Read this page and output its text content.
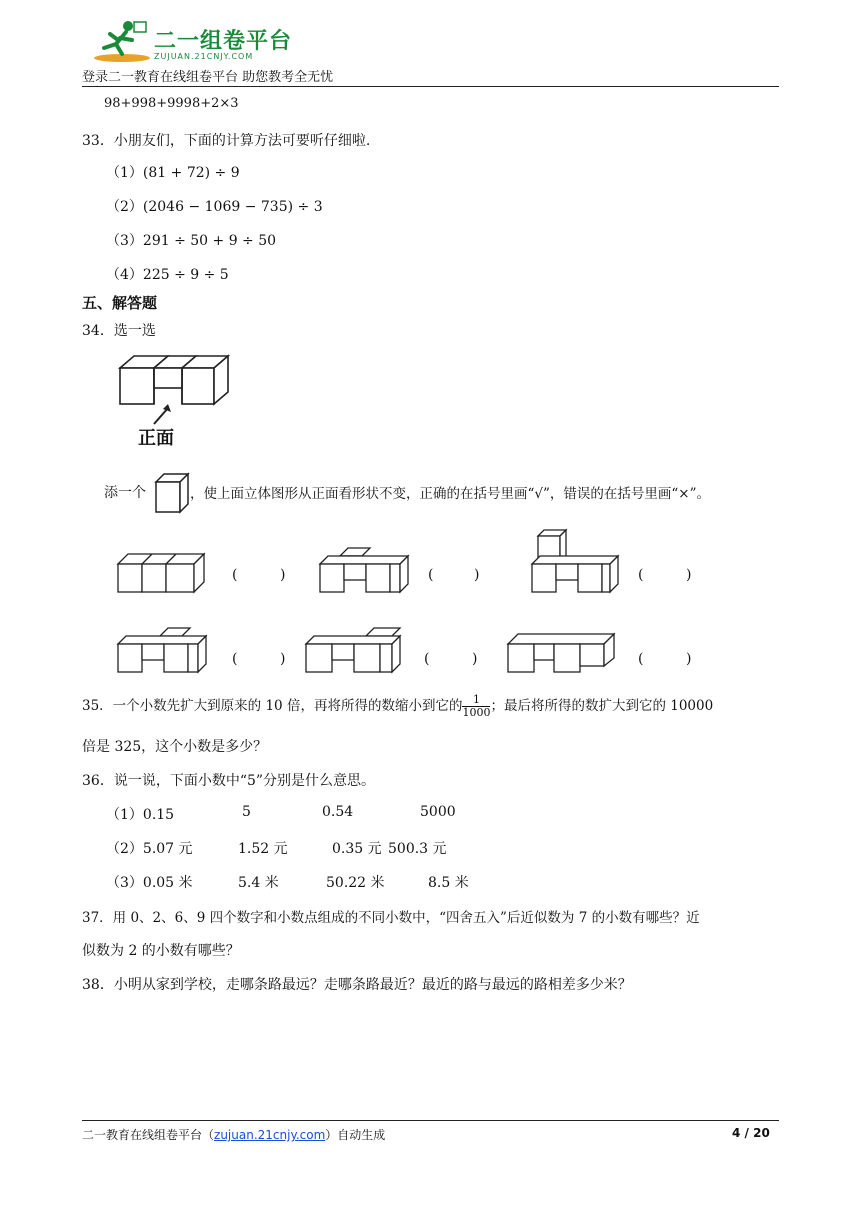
二一组卷平台
ZUJUAN.21CNJY.COM
登录二一教育在线组卷平台 助您教考全无忧
98+998+9998+2×3
33．小朋友们，下面的计算方法可要听仔细啦.
（1）(81 + 72) ÷ 9
（2）(2046 − 1069 − 735) ÷ 3
（3）291 ÷ 50 + 9 ÷ 50
（4）225 ÷ 9 ÷ 5
五、解答题
34．选一选
正面
添一个	，使上面立体图形从正面看形状不变，正确的在括号里画“√”，错误的在括号里画“×”。
(	)	(	)	(	)
(	)	(	)	(	)
35．一个小数先扩大到原来的 10 倍，再将所得的数缩小到它的 $\frac{1}{1000}$ ；最后将所得的数扩大到它的 10000
倍是 325，这个小数是多少？
36．说一说，下面小数中“5”分别是什么意思。
（1）0.15	5	0.54	5000
（2）5.07 元	1.52 元	0.35 元 500.3 元
（3）0.05 米	5.4 米	50.22 米	8.5 米
37．用 0、2、6、9 四个数字和小数点组成的不同小数中，“四舍五入”后近似数为 7 的小数有哪些？近
似数为 2 的小数有哪些？
38．小明从家到学校，走哪条路最远？走哪条路最近？最近的路与最远的路相差多少米？
二一教育在线组卷平台（zujuan.21cnjy.com）自动生成	4 / 20
